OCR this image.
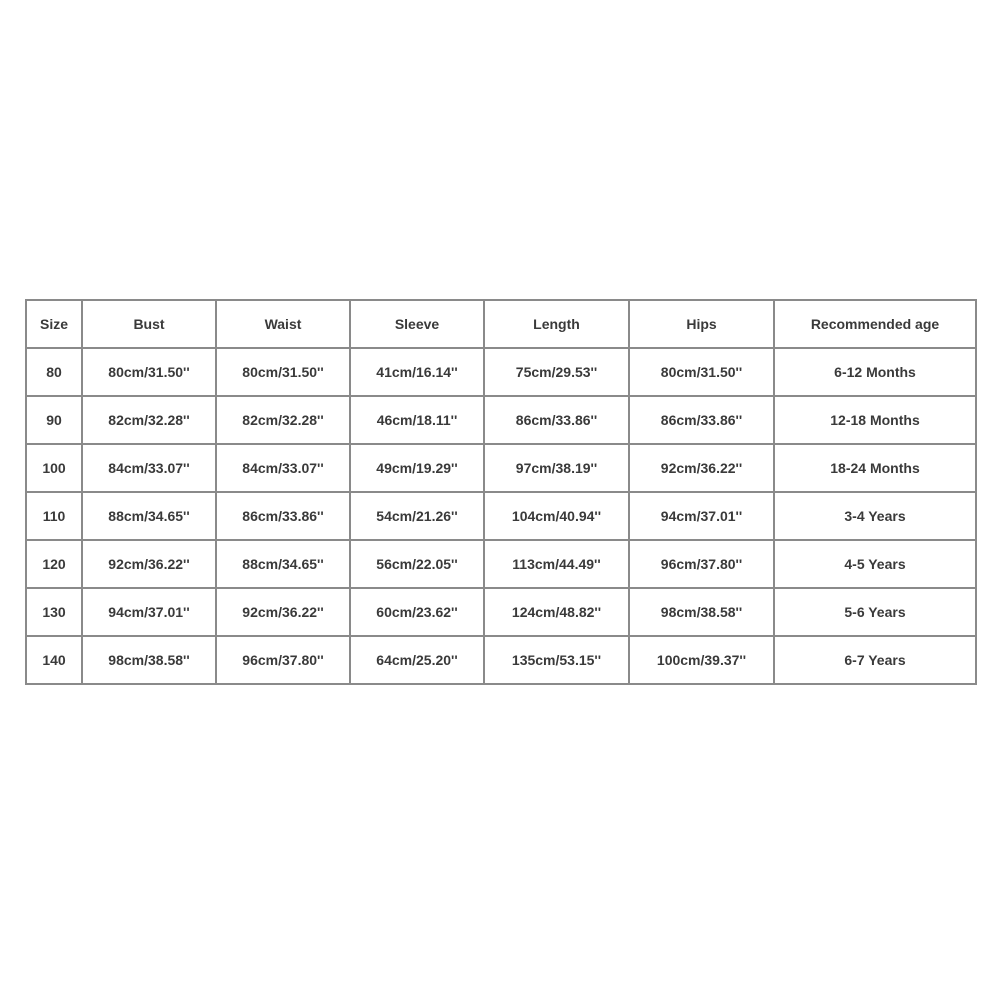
Size	Bust	Waist	Sleeve	Length	Hips	Recommended age
80	80cm/31.50''	80cm/31.50''	41cm/16.14''	75cm/29.53''	80cm/31.50''	6-12 Months
90	82cm/32.28''	82cm/32.28''	46cm/18.11''	86cm/33.86''	86cm/33.86''	12-18 Months
100	84cm/33.07''	84cm/33.07''	49cm/19.29''	97cm/38.19''	92cm/36.22''	18-24 Months
110	88cm/34.65''	86cm/33.86''	54cm/21.26''	104cm/40.94''	94cm/37.01''	3-4 Years
120	92cm/36.22''	88cm/34.65''	56cm/22.05''	113cm/44.49''	96cm/37.80''	4-5 Years
130	94cm/37.01''	92cm/36.22''	60cm/23.62''	124cm/48.82''	98cm/38.58''	5-6 Years
140	98cm/38.58''	96cm/37.80''	64cm/25.20''	135cm/53.15''	100cm/39.37''	6-7 Years
